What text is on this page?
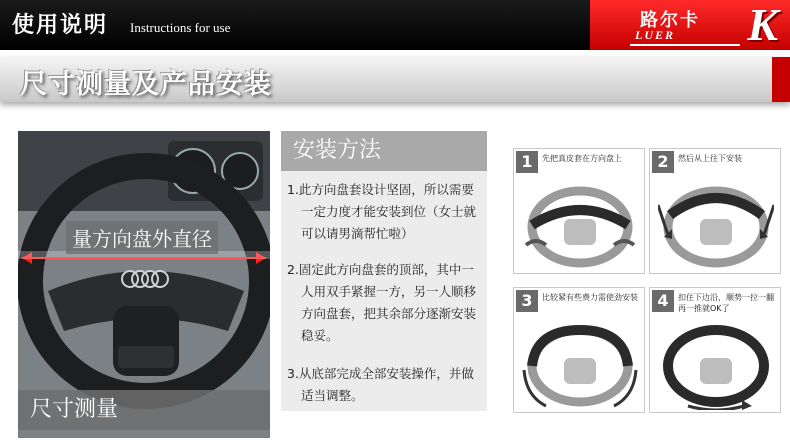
使用说明 Instructions for use	路尔卡
LUER K
尺寸测量及产品安装
量方向盘外直径
尺寸测量
安装方法
1.此方向盘套设计坚固，所以需要
一定力度才能安装到位（女士就
可以请男滴帮忙啦）
2.固定此方向盘套的顶部，其中一
人用双手紧握一方，另一人顺移
方向盘套，把其余部分逐渐安装
稳妥。
3.从底部完成全部安装操作，并做
适当调整。
1	先把真皮套在方向盘上	2	然后从上往下安装
3	比较紧有些费力需使劲安装	4	扣住下边沿，顺势一拉一翻再一推就OK了
